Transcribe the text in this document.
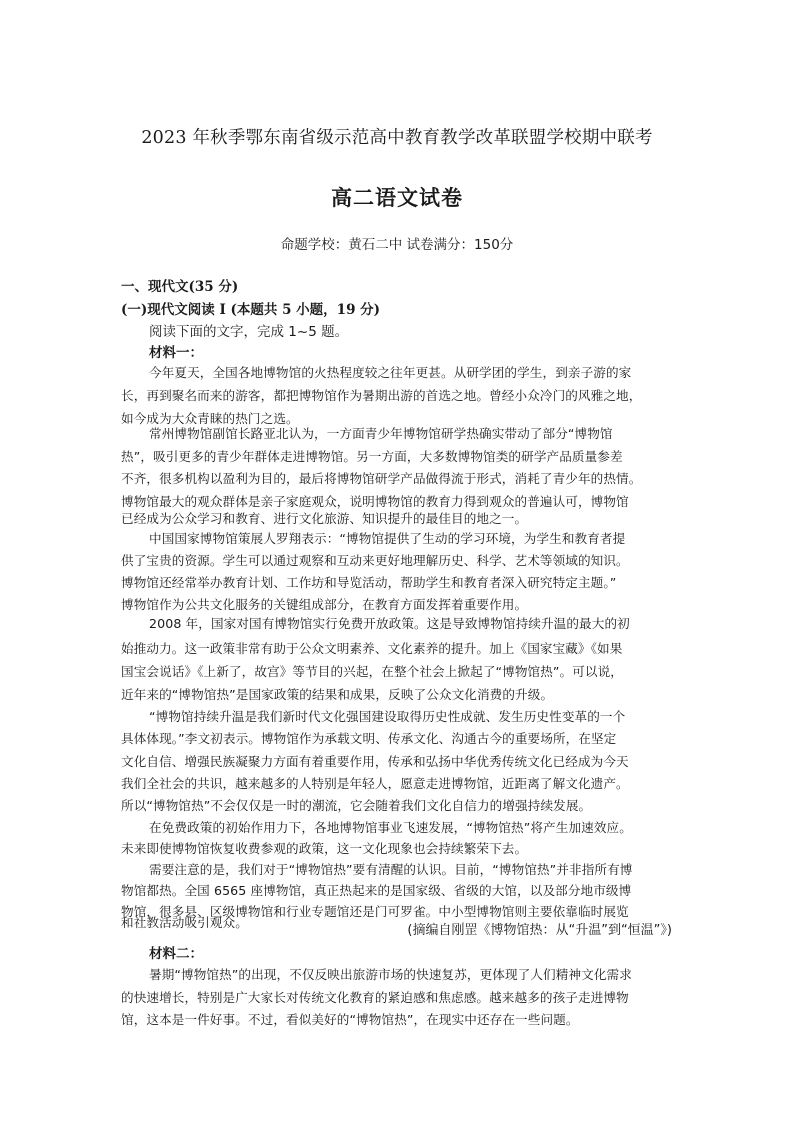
2023 年秋季鄂东南省级示范高中教育教学改革联盟学校期中联考
高二语文试卷
命题学校：黄石二中 试卷满分：150分
一、现代文(35 分)
(一)现代文阅读 I (本题共 5 小题，19 分)
阅读下面的文字，完成 1~5 题。
材料一：
今年夏天，全国各地博物馆的火热程度较之往年更甚。从研学团的学生，到亲子游的家
长，再到聚名而来的游客，都把博物馆作为暑期出游的首选之地。曾经小众冷门的风雅之地，
如今成为大众青睐的热门之选。
常州博物馆副馆长路亚北认为，一方面青少年博物馆研学热确实带动了部分“博物馆
热”，吸引更多的青少年群体走进博物馆。另一方面，大多数博物馆类的研学产品质量参差
不齐，很多机构以盈利为目的，最后将博物馆研学产品做得流于形式，消耗了青少年的热情。
博物馆最大的观众群体是亲子家庭观众，说明博物馆的教育力得到观众的普遍认可，博物馆
已经成为公众学习和教育、进行文化旅游、知识提升的最佳目的地之一。
中国国家博物馆策展人罗翔表示：“博物馆提供了生动的学习环境，为学生和教育者提
供了宝贵的资源。学生可以通过观察和互动来更好地理解历史、科学、艺术等领域的知识。
博物馆还经常举办教育计划、工作坊和导览活动，帮助学生和教育者深入研究特定主题。”
博物馆作为公共文化服务的关键组成部分，在教育方面发挥着重要作用。
2008 年，国家对国有博物馆实行免费开放政策。这是导致博物馆持续升温的最大的初
始推动力。这一政策非常有助于公众文明素养、文化素养的提升。加上《国家宝藏》《如果
国宝会说话》《上新了，故宫》等节目的兴起，在整个社会上掀起了“博物馆热”。可以说，
近年来的“博物馆热”是国家政策的结果和成果，反映了公众文化消费的升级。
“博物馆持续升温是我们新时代文化强国建设取得历史性成就、发生历史性变革的一个
具体体现。”李文初表示。博物馆作为承载文明、传承文化、沟通古今的重要场所，在坚定
文化自信、增强民族凝聚力方面有着重要作用，传承和弘扬中华优秀传统文化已经成为今天
我们全社会的共识，越来越多的人特别是年轻人，愿意走进博物馆，近距离了解文化遗产。
所以“博物馆热”不会仅仅是一时的潮流，它会随着我们文化自信力的增强持续发展。
在免费政策的初始作用力下，各地博物馆事业飞速发展，“博物馆热”将产生加速效应。
未来即使博物馆恢复收费参观的政策，这一文化现象也会持续繁荣下去。
需要注意的是，我们对于“博物馆热”要有清醒的认识。目前，“博物馆热”并非指所有博
物馆都热。全国 6565 座博物馆，真正热起来的是国家级、省级的大馆，以及部分地市级博
物馆，很多县、区级博物馆和行业专题馆还是门可罗雀。中小型博物馆则主要依靠临时展览
和社教活动吸引观众。
(摘编自刚罡《博物馆热：从“升温”到“恒温”》)
材料二：
暑期“博物馆热”的出现，不仅反映出旅游市场的快速复苏，更体现了人们精神文化需求
的快速增长，特别是广大家长对传统文化教育的紧迫感和焦虑感。越来越多的孩子走进博物
馆，这本是一件好事。不过，看似美好的“博物馆热”，在现实中还存在一些问题。
